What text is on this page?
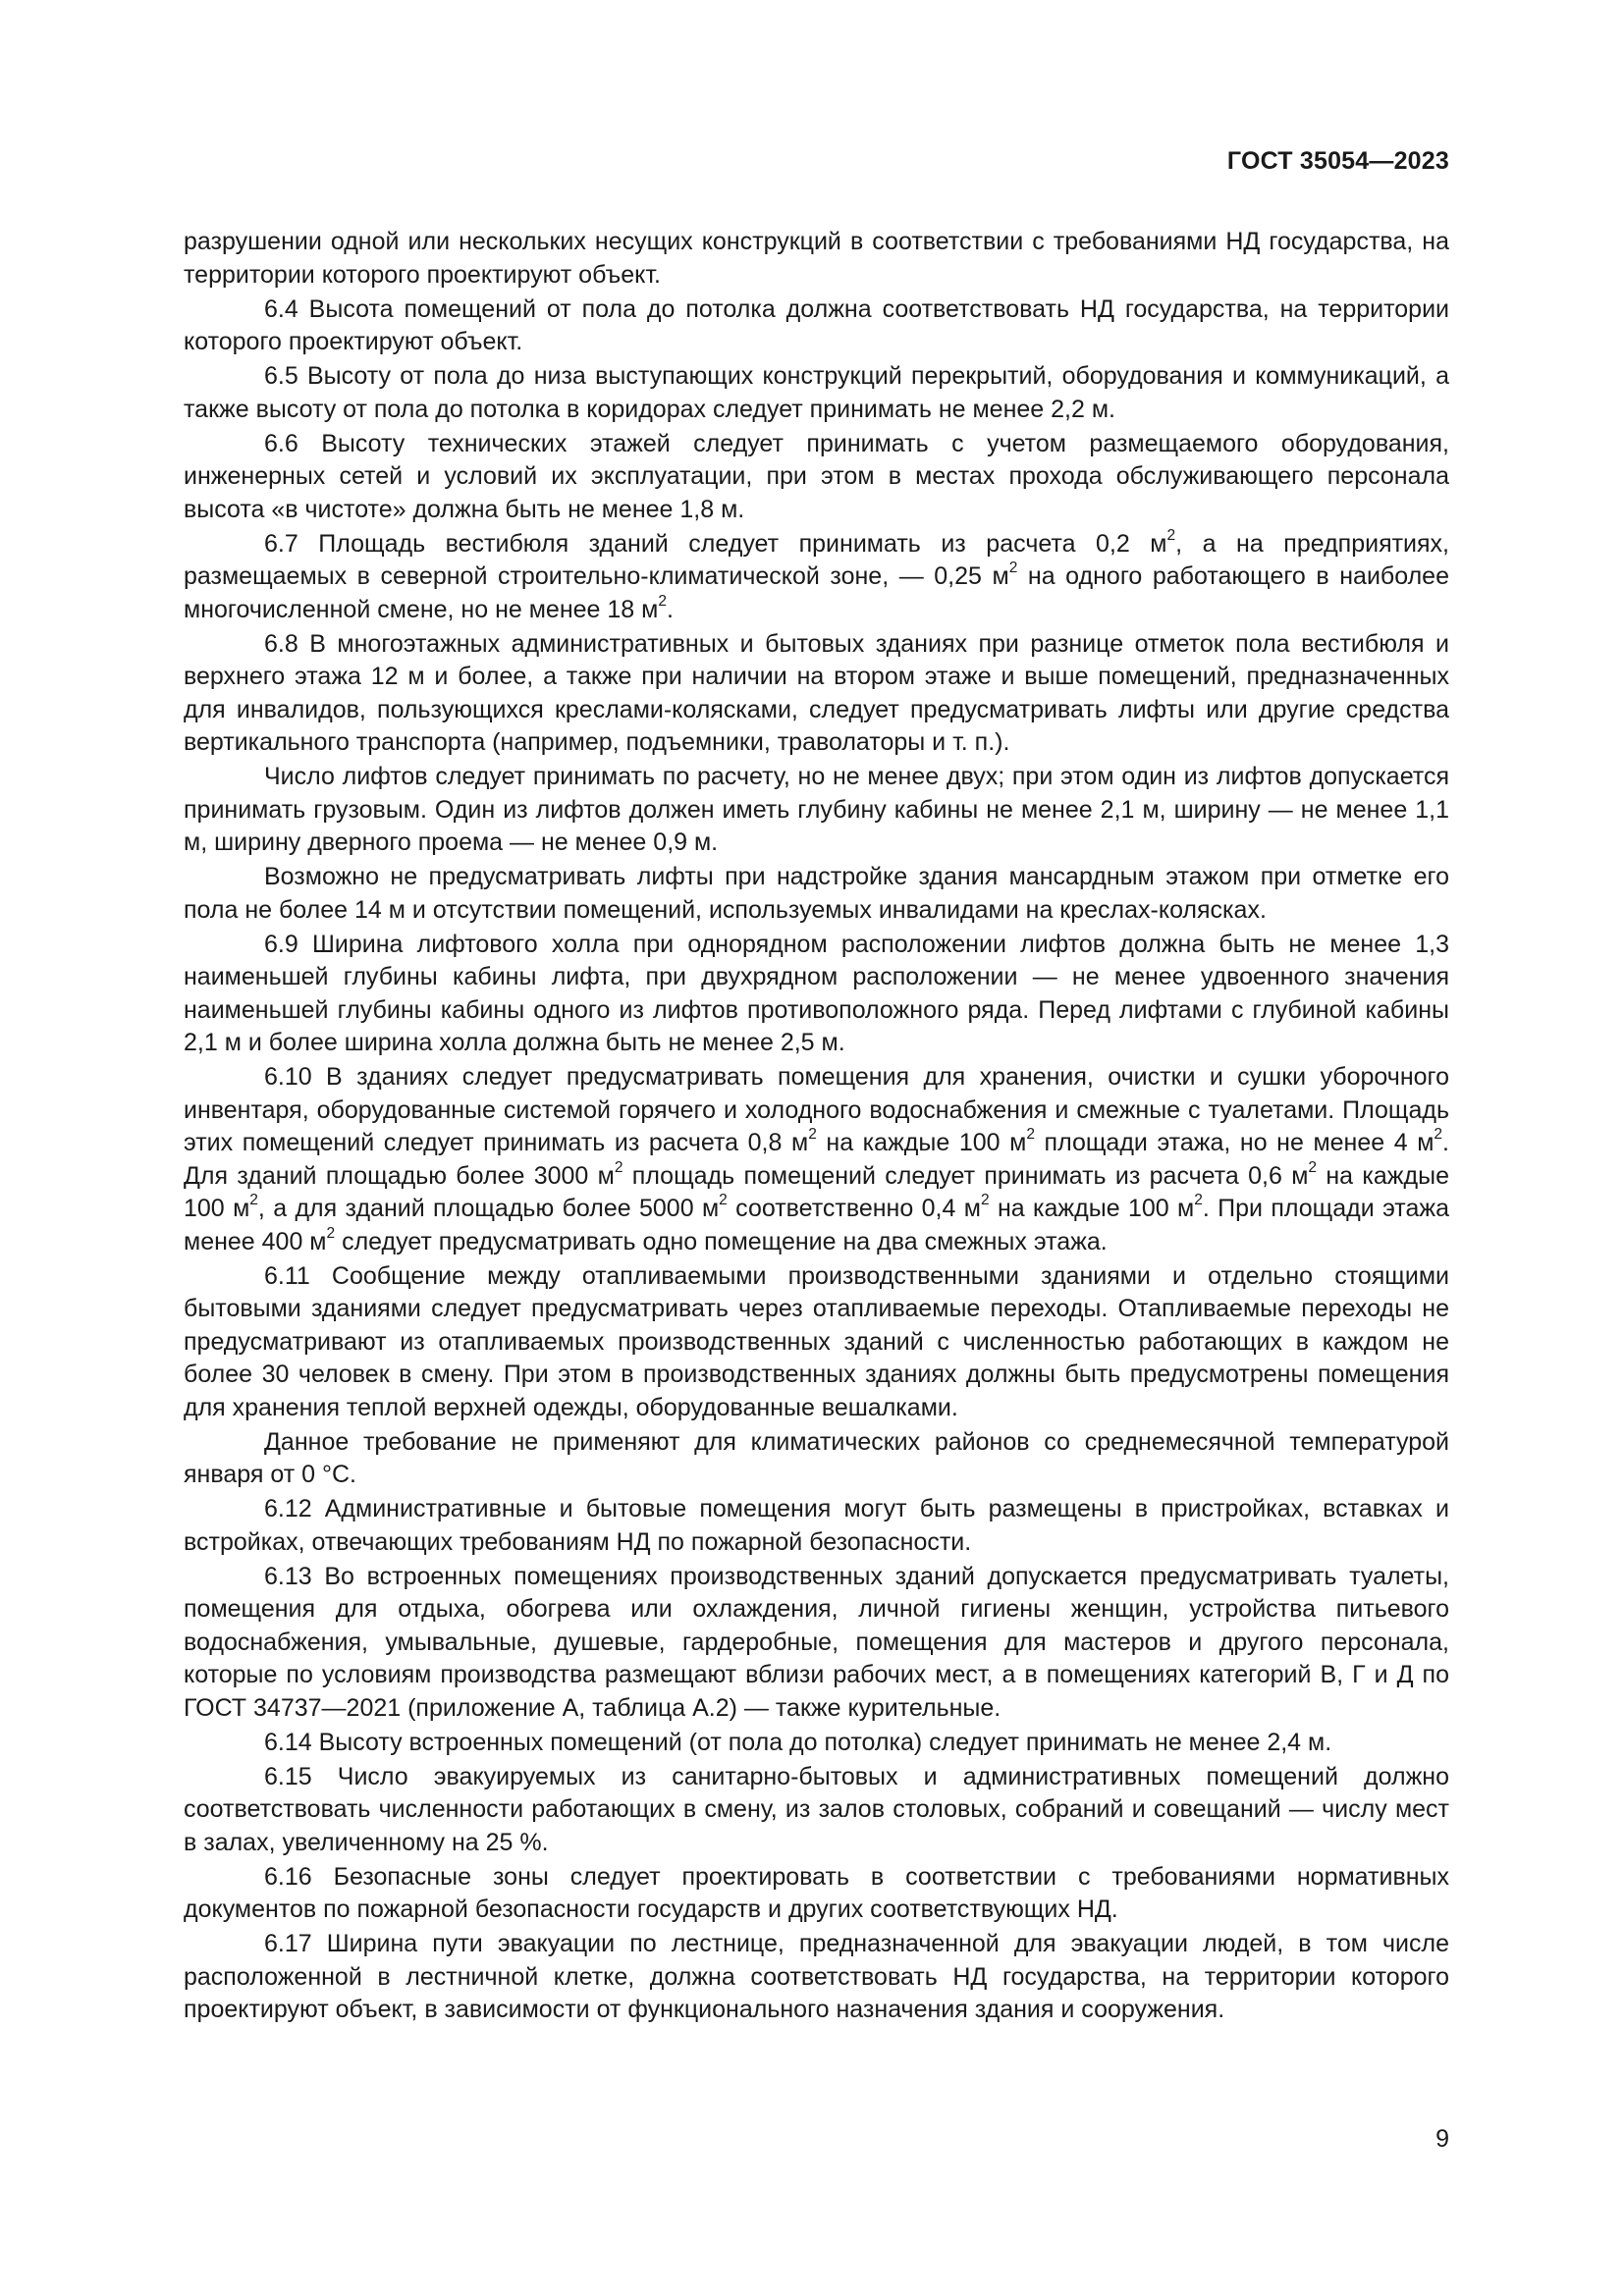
ГОСТ 35054—2023

разрушении одной или нескольких несущих конструкций в соответствии с требованиями НД государства, на территории которого проектируют объект.

6.4 Высота помещений от пола до потолка должна соответствовать НД государства, на территории которого проектируют объект.

6.5 Высоту от пола до низа выступающих конструкций перекрытий, оборудования и коммуникаций, а также высоту от пола до потолка в коридорах следует принимать не менее 2,2 м.

6.6 Высоту технических этажей следует принимать с учетом размещаемого оборудования, инженерных сетей и условий их эксплуатации, при этом в местах прохода обслуживающего персонала высота «в чистоте» должна быть не менее 1,8 м.

6.7 Площадь вестибюля зданий следует принимать из расчета 0,2 $м^2$, а на предприятиях, размещаемых в северной строительно-климатической зоне, — 0,25 $м^2$ на одного работающего в наиболее многочисленной смене, но не менее 18 $м^2$.

6.8 В многоэтажных административных и бытовых зданиях при разнице отметок пола вестибюля и верхнего этажа 12 м и более, а также при наличии на втором этаже и выше помещений, предназначенных для инвалидов, пользующихся креслами-колясками, следует предусматривать лифты или другие средства вертикального транспорта (например, подъемники, траволаторы и т. п.).

Число лифтов следует принимать по расчету, но не менее двух; при этом один из лифтов допускается принимать грузовым. Один из лифтов должен иметь глубину кабины не менее 2,1 м, ширину — не менее 1,1 м, ширину дверного проема — не менее 0,9 м.

Возможно не предусматривать лифты при надстройке здания мансардным этажом при отметке его пола не более 14 м и отсутствии помещений, используемых инвалидами на креслах-колясках.

6.9 Ширина лифтового холла при однорядном расположении лифтов должна быть не менее 1,3 наименьшей глубины кабины лифта, при двухрядном расположении — не менее удвоенного значения наименьшей глубины кабины одного из лифтов противоположного ряда. Перед лифтами с глубиной кабины 2,1 м и более ширина холла должна быть не менее 2,5 м.

6.10 В зданиях следует предусматривать помещения для хранения, очистки и сушки уборочного инвентаря, оборудованные системой горячего и холодного водоснабжения и смежные с туалетами. Площадь этих помещений следует принимать из расчета 0,8 $м^2$ на каждые 100 $м^2$ площади этажа, но не менее 4 $м^2$. Для зданий площадью более 3000 $м^2$ площадь помещений следует принимать из расчета 0,6 $м^2$ на каждые 100 $м^2$, а для зданий площадью более 5000 $м^2$ соответственно 0,4 $м^2$ на каждые 100 $м^2$. При площади этажа менее 400 $м^2$ следует предусматривать одно помещение на два смежных этажа.

6.11 Сообщение между отапливаемыми производственными зданиями и отдельно стоящими бытовыми зданиями следует предусматривать через отапливаемые переходы. Отапливаемые переходы не предусматривают из отапливаемых производственных зданий с численностью работающих в каждом не более 30 человек в смену. При этом в производственных зданиях должны быть предусмотрены помещения для хранения теплой верхней одежды, оборудованные вешалками.

Данное требование не применяют для климатических районов со среднемесячной температурой января от 0 °С.

6.12 Административные и бытовые помещения могут быть размещены в пристройках, вставках и встройках, отвечающих требованиям НД по пожарной безопасности.

6.13 Во встроенных помещениях производственных зданий допускается предусматривать туалеты, помещения для отдыха, обогрева или охлаждения, личной гигиены женщин, устройства питьевого водоснабжения, умывальные, душевые, гардеробные, помещения для мастеров и другого персонала, которые по условиям производства размещают вблизи рабочих мест, а в помещениях категорий В, Г и Д по ГОСТ 34737—2021 (приложение А, таблица А.2) — также курительные.

6.14 Высоту встроенных помещений (от пола до потолка) следует принимать не менее 2,4 м.

6.15 Число эвакуируемых из санитарно-бытовых и административных помещений должно соответствовать численности работающих в смену, из залов столовых, собраний и совещаний — числу мест в залах, увеличенному на 25 %.

6.16 Безопасные зоны следует проектировать в соответствии с требованиями нормативных документов по пожарной безопасности государств и других соответствующих НД.

6.17 Ширина пути эвакуации по лестнице, предназначенной для эвакуации людей, в том числе расположенной в лестничной клетке, должна соответствовать НД государства, на территории которого проектируют объект, в зависимости от функционального назначения здания и сооружения.

9
